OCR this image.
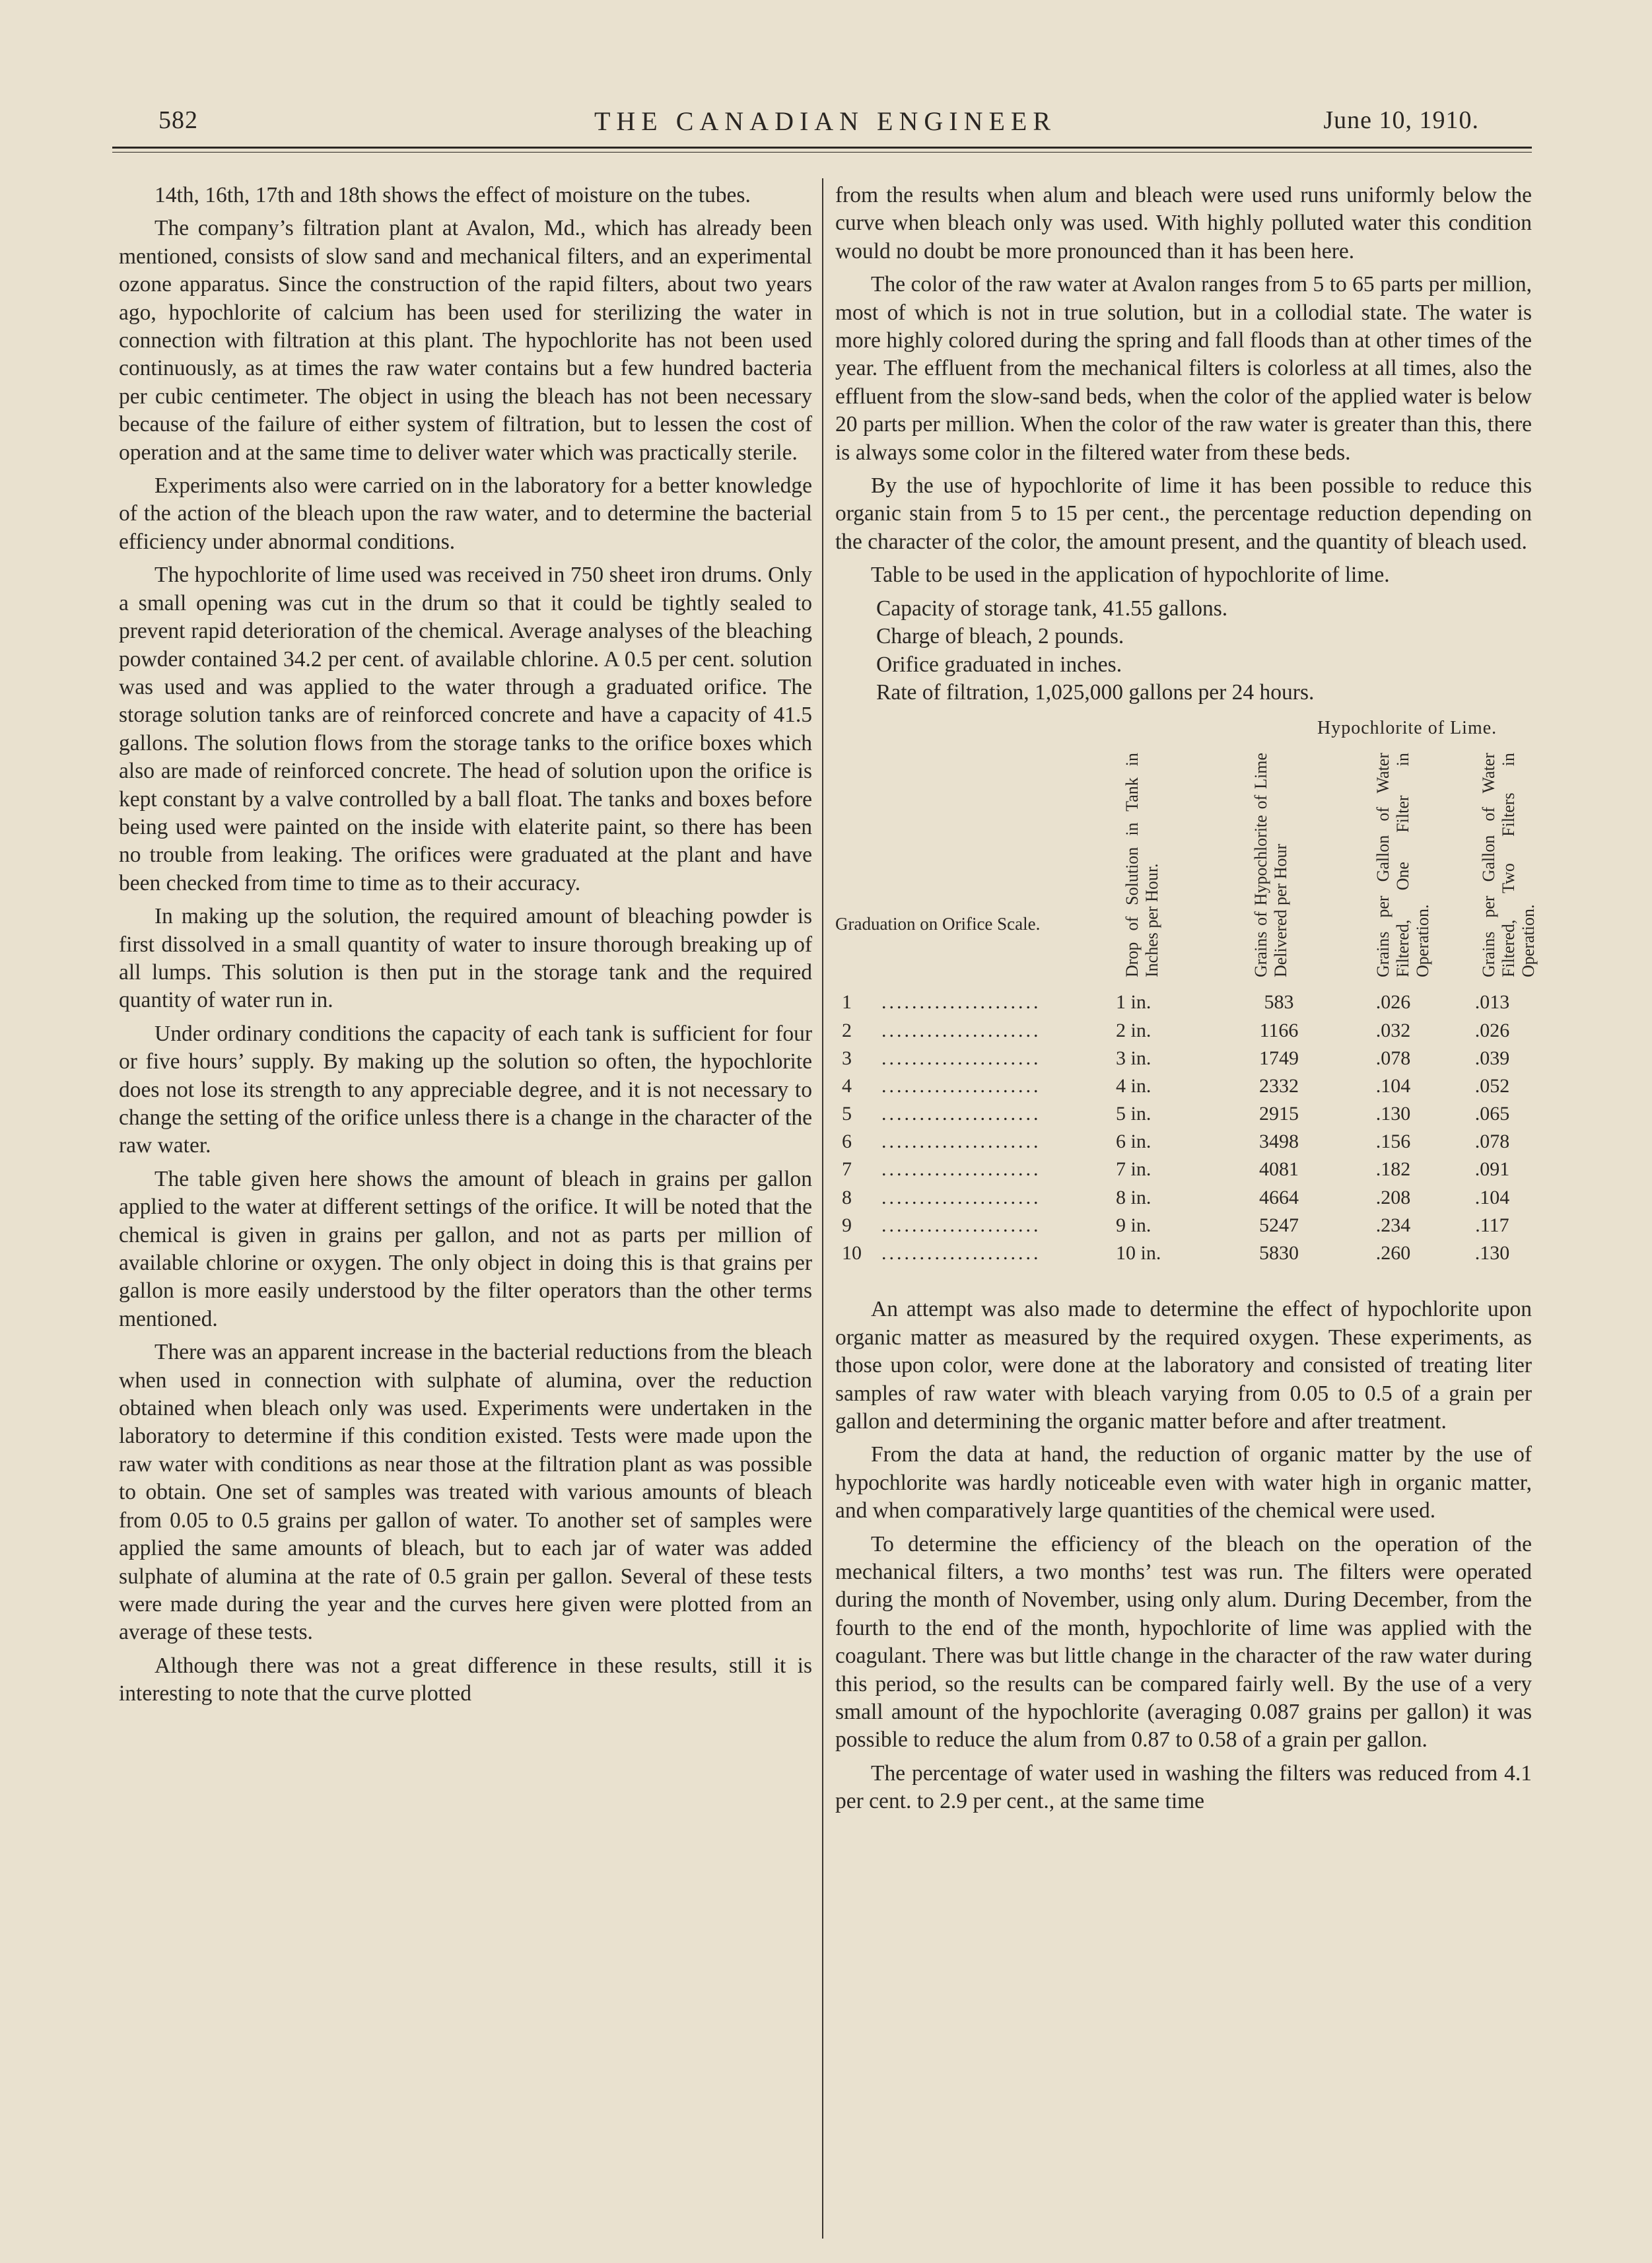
582	THE CANADIAN ENGINEER	June 10, 1910.

14th, 16th, 17th and 18th shows the effect of moisture on the tubes.

The company’s filtration plant at Avalon, Md., which has already been mentioned, consists of slow sand and mechanical filters, and an experimental ozone apparatus. Since the construction of the rapid filters, about two years ago, hypochlorite of calcium has been used for sterilizing the water in connection with filtration at this plant. The hypochlorite has not been used continuously, as at times the raw water contains but a few hundred bacteria per cubic centimeter. The object in using the bleach has not been necessary because of the failure of either system of filtration, but to lessen the cost of operation and at the same time to deliver water which was practically sterile.

Experiments also were carried on in the laboratory for a better knowledge of the action of the bleach upon the raw water, and to determine the bacterial efficiency under abnormal conditions.

The hypochlorite of lime used was received in 750 sheet iron drums. Only a small opening was cut in the drum so that it could be tightly sealed to prevent rapid deterioration of the chemical. Average analyses of the bleaching powder contained 34.2 per cent. of available chlorine. A 0.5 per cent. solution was used and was applied to the water through a graduated orifice. The storage solution tanks are of reinforced concrete and have a capacity of 41.5 gallons. The solution flows from the storage tanks to the orifice boxes which also are made of reinforced concrete. The head of solution upon the orifice is kept constant by a valve controlled by a ball float. The tanks and boxes before being used were painted on the inside with elaterite paint, so there has been no trouble from leaking. The orifices were graduated at the plant and have been checked from time to time as to their accuracy.

In making up the solution, the required amount of bleaching powder is first dissolved in a small quantity of water to insure thorough breaking up of all lumps. This solution is then put in the storage tank and the required quantity of water run in.

Under ordinary conditions the capacity of each tank is sufficient for four or five hours’ supply. By making up the solution so often, the hypochlorite does not lose its strength to any appreciable degree, and it is not necessary to change the setting of the orifice unless there is a change in the character of the raw water.

The table given here shows the amount of bleach in grains per gallon applied to the water at different settings of the orifice. It will be noted that the chemical is given in grains per gallon, and not as parts per million of available chlorine or oxygen. The only object in doing this is that grains per gallon is more easily understood by the filter operators than the other terms mentioned.

There was an apparent increase in the bacterial reductions from the bleach when used in connection with sulphate of alumina, over the reduction obtained when bleach only was used. Experiments were undertaken in the laboratory to determine if this condition existed. Tests were made upon the raw water with conditions as near those at the filtration plant as was possible to obtain. One set of samples was treated with various amounts of bleach from 0.05 to 0.5 grains per gallon of water. To another set of samples were applied the same amounts of bleach, but to each jar of water was added sulphate of alumina at the rate of 0.5 grain per gallon. Several of these tests were made during the year and the curves here given were plotted from an average of these tests.

Although there was not a great difference in these results, still it is interesting to note that the curve plotted

from the results when alum and bleach were used runs uniformly below the curve when bleach only was used. With highly polluted water this condition would no doubt be more pronounced than it has been here.

The color of the raw water at Avalon ranges from 5 to 65 parts per million, most of which is not in true solution, but in a collodial state. The water is more highly colored during the spring and fall floods than at other times of the year. The effluent from the mechanical filters is colorless at all times, also the effluent from the slow-sand beds, when the color of the applied water is below 20 parts per million. When the color of the raw water is greater than this, there is always some color in the filtered water from these beds.

By the use of hypochlorite of lime it has been possible to reduce this organic stain from 5 to 15 per cent., the percentage reduction depending on the character of the color, the amount present, and the quantity of bleach used.

Table to be used in the application of hypochlorite of lime.

Capacity of storage tank, 41.55 gallons.
Charge of bleach, 2 pounds.
Orifice graduated in inches.
Rate of filtration, 1,025,000 gallons per 24 hours.
Hypochlorite of Lime.
Graduation on Orifice Scale.	Drop of Solution in Tank in Inches per Hour.	Grains of Hypochlorite of Lime Delivered per Hour	Grains per Gallon of Water Filtered, One Filter in Operation.	Grains per Gallon of Water Filtered, Two Filters in Operation.
1 .....................	1 in.	583	.026	.013
2 .....................	2 in.	1166	.032	.026
3 .....................	3 in.	1749	.078	.039
4 .....................	4 in.	2332	.104	.052
5 .....................	5 in.	2915	.130	.065
6 .....................	6 in.	3498	.156	.078
7 .....................	7 in.	4081	.182	.091
8 .....................	8 in.	4664	.208	.104
9 .....................	9 in.	5247	.234	.117
10 .....................	10 in.	5830	.260	.130

An attempt was also made to determine the effect of hypochlorite upon organic matter as measured by the required oxygen. These experiments, as those upon color, were done at the laboratory and consisted of treating liter samples of raw water with bleach varying from 0.05 to 0.5 of a grain per gallon and determining the organic matter before and after treatment.

From the data at hand, the reduction of organic matter by the use of hypochlorite was hardly noticeable even with water high in organic matter, and when comparatively large quantities of the chemical were used.

To determine the efficiency of the bleach on the operation of the mechanical filters, a two months’ test was run. The filters were operated during the month of November, using only alum. During December, from the fourth to the end of the month, hypochlorite of lime was applied with the coagulant. There was but little change in the character of the raw water during this period, so the results can be compared fairly well. By the use of a very small amount of the hypochlorite (averaging 0.087 grains per gallon) it was possible to reduce the alum from 0.87 to 0.58 of a grain per gallon.

The percentage of water used in washing the filters was reduced from 4.1 per cent. to 2.9 per cent., at the same time
